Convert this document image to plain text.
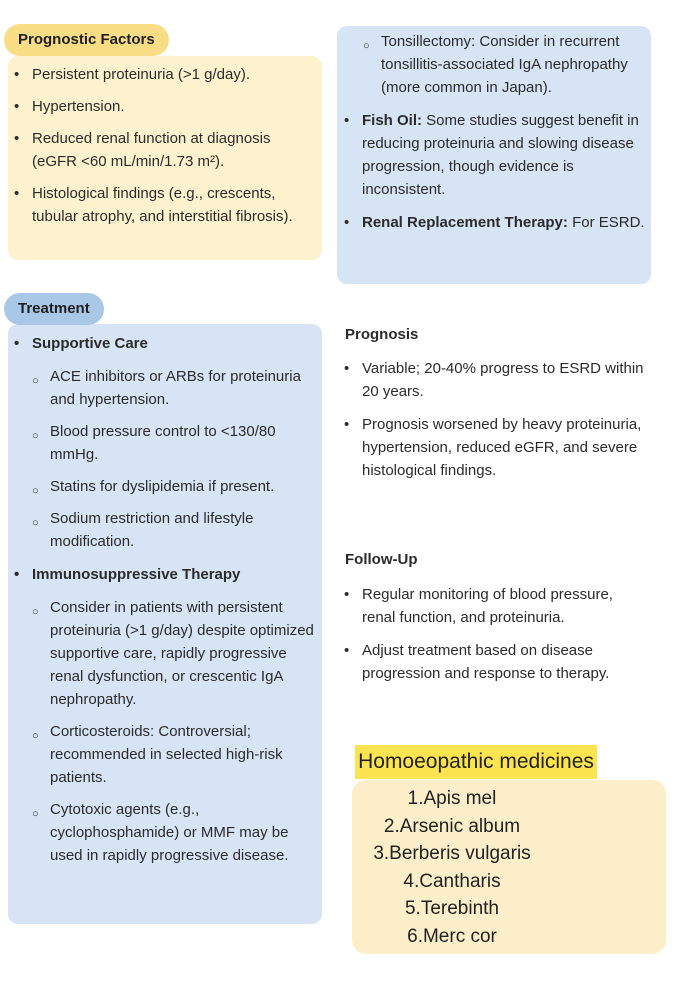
Prognostic Factors
• Persistent proteinuria (>1 g/day).
• Hypertension.
• Reduced renal function at diagnosis (eGFR <60 mL/min/1.73 m²).
• Histological findings (e.g., crescents, tubular atrophy, and interstitial fibrosis).
Treatment
• Supportive Care
○ ACE inhibitors or ARBs for proteinuria and hypertension.
○ Blood pressure control to <130/80 mmHg.
○ Statins for dyslipidemia if present.
○ Sodium restriction and lifestyle modification.
• Immunosuppressive Therapy
○ Consider in patients with persistent proteinuria (>1 g/day) despite optimized supportive care, rapidly progressive renal dysfunction, or crescentic IgA nephropathy.
○ Corticosteroids: Controversial; recommended in selected high-risk patients.
○ Cytotoxic agents (e.g., cyclophosphamide) or MMF may be used in rapidly progressive disease.
○ Tonsillectomy: Consider in recurrent tonsillitis-associated IgA nephropathy (more common in Japan).
• Fish Oil: Some studies suggest benefit in reducing proteinuria and slowing disease progression, though evidence is inconsistent.
• Renal Replacement Therapy: For ESRD.
Prognosis
• Variable; 20-40% progress to ESRD within 20 years.
• Prognosis worsened by heavy proteinuria, hypertension, reduced eGFR, and severe histological findings.
Follow-Up
• Regular monitoring of blood pressure, renal function, and proteinuria.
• Adjust treatment based on disease progression and response to therapy.
Homoeopathic medicines
1.Apis mel
2.Arsenic album
3.Berberis vulgaris
4.Cantharis
5.Terebinth
6.Merc cor
